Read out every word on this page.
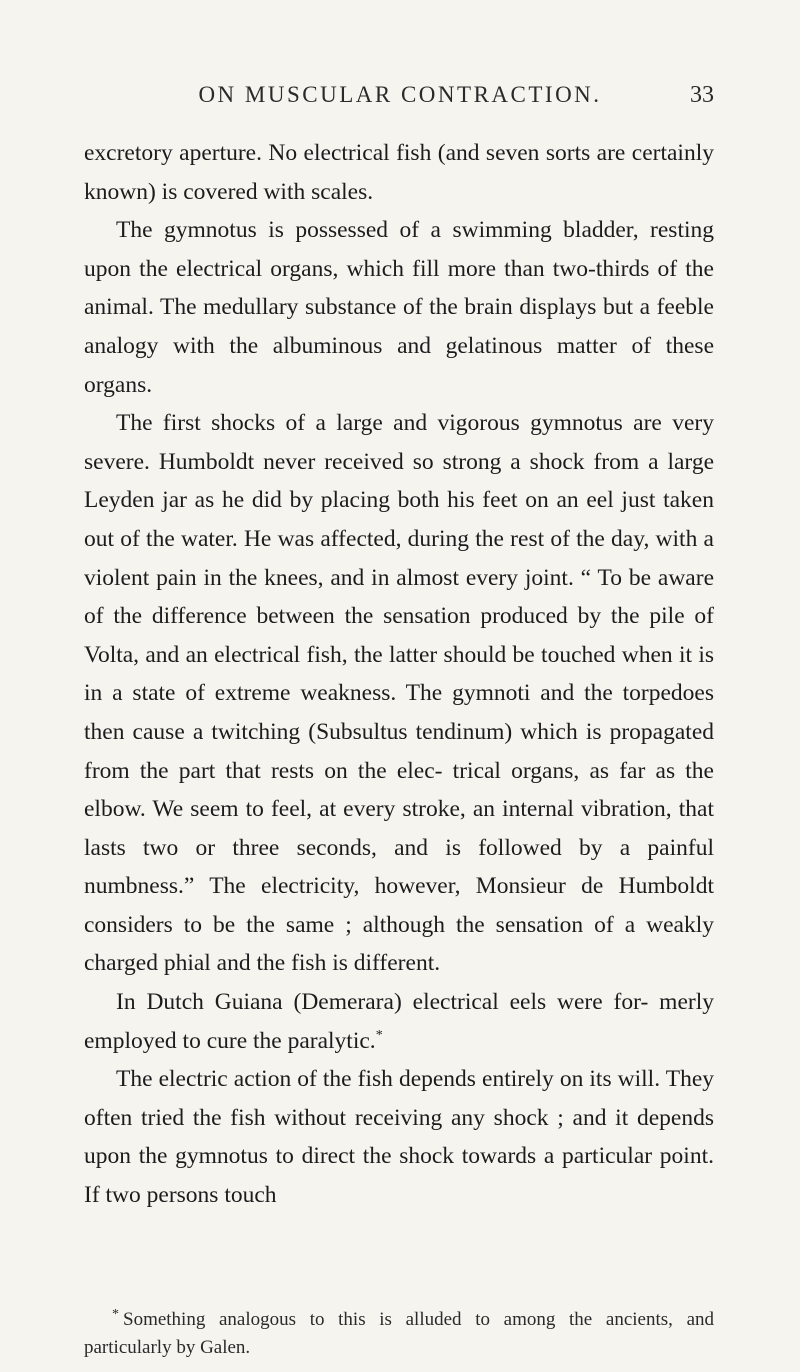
ON MUSCULAR CONTRACTION.	33

excretory aperture. No electrical fish (and seven sorts are certainly known) is covered with scales.

The gymnotus is possessed of a swimming bladder, resting upon the electrical organs, which fill more than two-thirds of the animal. The medullary substance of the brain displays but a feeble analogy with the albuminous and gelatinous matter of these organs.

The first shocks of a large and vigorous gymnotus are very severe. Humboldt never received so strong a shock from a large Leyden jar as he did by placing both his feet on an eel just taken out of the water. He was affected, during the rest of the day, with a violent pain in the knees, and in almost every joint. “ To be aware of the difference between the sensation produced by the pile of Volta, and an electrical fish, the latter should be touched when it is in a state of extreme weakness. The gymnoti and the torpedoes then cause a twitching (Subsultus tendinum) which is propagated from the part that rests on the elec- trical organs, as far as the elbow. We seem to feel, at every stroke, an internal vibration, that lasts two or three seconds, and is followed by a painful numbness.” The electricity, however, Monsieur de Humboldt considers to be the same ; although the sensation of a weakly charged phial and the fish is different.

In Dutch Guiana (Demerara) electrical eels were for- merly employed to cure the paralytic.*

The electric action of the fish depends entirely on its will. They often tried the fish without receiving any shock ; and it depends upon the gymnotus to direct the shock towards a particular point. If two persons touch

* Something analogous to this is alluded to among the ancients, and particularly by Galen.
